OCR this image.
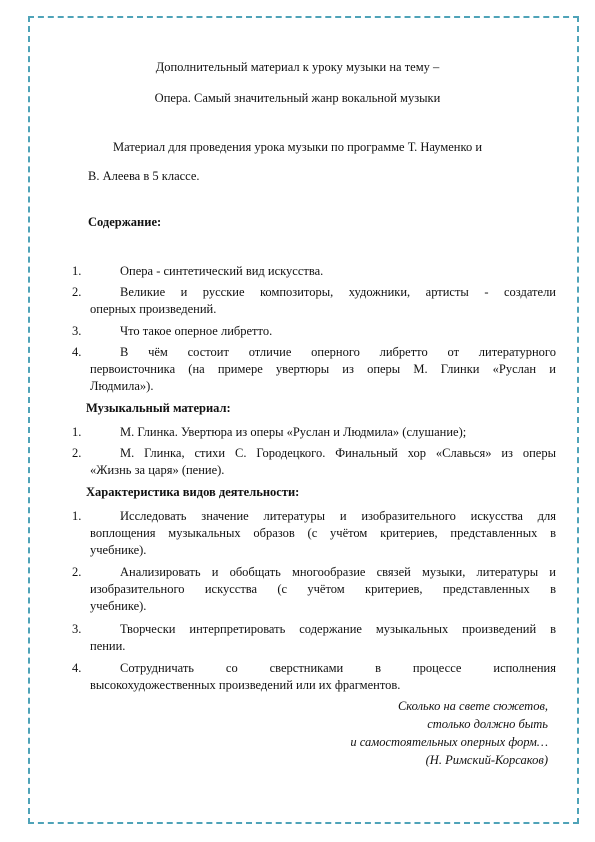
Дополнительный материал к уроку музыки на тему –
Опера. Самый значительный жанр вокальной музыки
Материал для проведения урока музыки по программе Т. Науменко и
В. Алеева в 5 классе.
Содержание:
1.	Опера - синтетический вид искусства.
2.	Великие и русские композиторы, художники, артисты - создатели
оперных произведений.
3.	Что такое оперное либретто.
4.	В чём состоит отличие оперного либретто от литературного
первоисточника (на примере увертюры из оперы М. Глинки «Руслан и
Людмила»).
Музыкальный материал:
1.	М. Глинка. Увертюра из оперы «Руслан и Людмила» (слушание);
2.	М. Глинка, стихи С. Городецкого. Финальный хор «Славься» из оперы
«Жизнь за царя» (пение).
Характеристика видов деятельности:
1.	Исследовать значение литературы и изобразительного искусства для
воплощения музыкальных образов (с учётом критериев, представленных в
учебнике).
2.	Анализировать и обобщать многообразие связей музыки, литературы и
изобразительного искусства (с учётом критериев, представленных в
учебнике).
3.	Творчески интерпретировать содержание музыкальных произведений в
пении.
4.	Сотрудничать со сверстниками в процессе исполнения
высокохудожественных произведений или их фрагментов.
Сколько на свете сюжетов,
столько должно быть
и самостоятельных оперных форм…
(Н. Римский-Корсаков)
